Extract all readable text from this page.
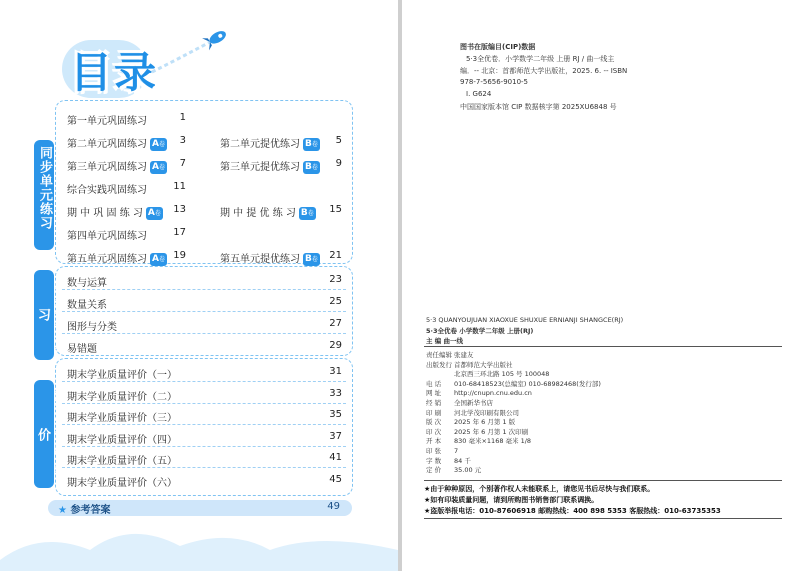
目录
同步单元练习
期末专项复习
期末学业质量评价
第一单元巩固练习	1
第二单元巩固练习 A卷	3	第二单元提优练习 B卷	5
第三单元巩固练习 A卷	7	第三单元提优练习 B卷	9
综合实践巩固练习	11
期 中 巩 固 练 习 A卷	13	期 中 提 优 练 习 B卷	15
第四单元巩固练习	17
第五单元巩固练习 A卷 19	第五单元提优练习 B卷	21
数与运算	23
数量关系	25
图形与分类	27
易错题	29
期末学业质量评价（一）	31
期末学业质量评价（二）	33
期末学业质量评价（三）	35
期末学业质量评价（四）	37
期末学业质量评价（五）	41
期末学业质量评价（六）	45
★ 参考答案	49
图书在版编目(CIP)数据
5·3全优卷．小学数学二年级 上册 RJ / 曲一线主
编．-- 北京：首都师范大学出版社，2025. 6. -- ISBN
978-7-5656-9010-5
Ⅰ. G624
中国国家版本馆 CIP 数据核字第 2025XU6848 号
5·3 QUANYOUJUAN XIAOXUE SHUXUE ERNIANJI SHANGCE(RJ)
5·3全优卷 小学数学二年级 上册(RJ)
主 编 曲一线
责任编辑 张建友
出版发行 首都师范大学出版社
北京西三环北路 105 号 100048
电 话 010-68418523(总编室) 010-68982468(发行部)
网 址 http://cnupn.cnu.edu.cn
经 销 全国新华书店
印 刷 河北学茂印刷有限公司
版 次 2025 年 6 月第 1 版
印 次 2025 年 6 月第 1 次印刷
开 本 830 毫米×1168 毫米 1/8
印 张 7
字 数 84 千
定 价 35.00 元
★由于种种原因，个别著作权人未能联系上，请您见书后尽快与我们联系。
★如有印装质量问题，请到所购图书销售部门联系调换。
★盗版举报电话：010-87606918 邮购热线：400 898 5353 客服热线：010-63735353
